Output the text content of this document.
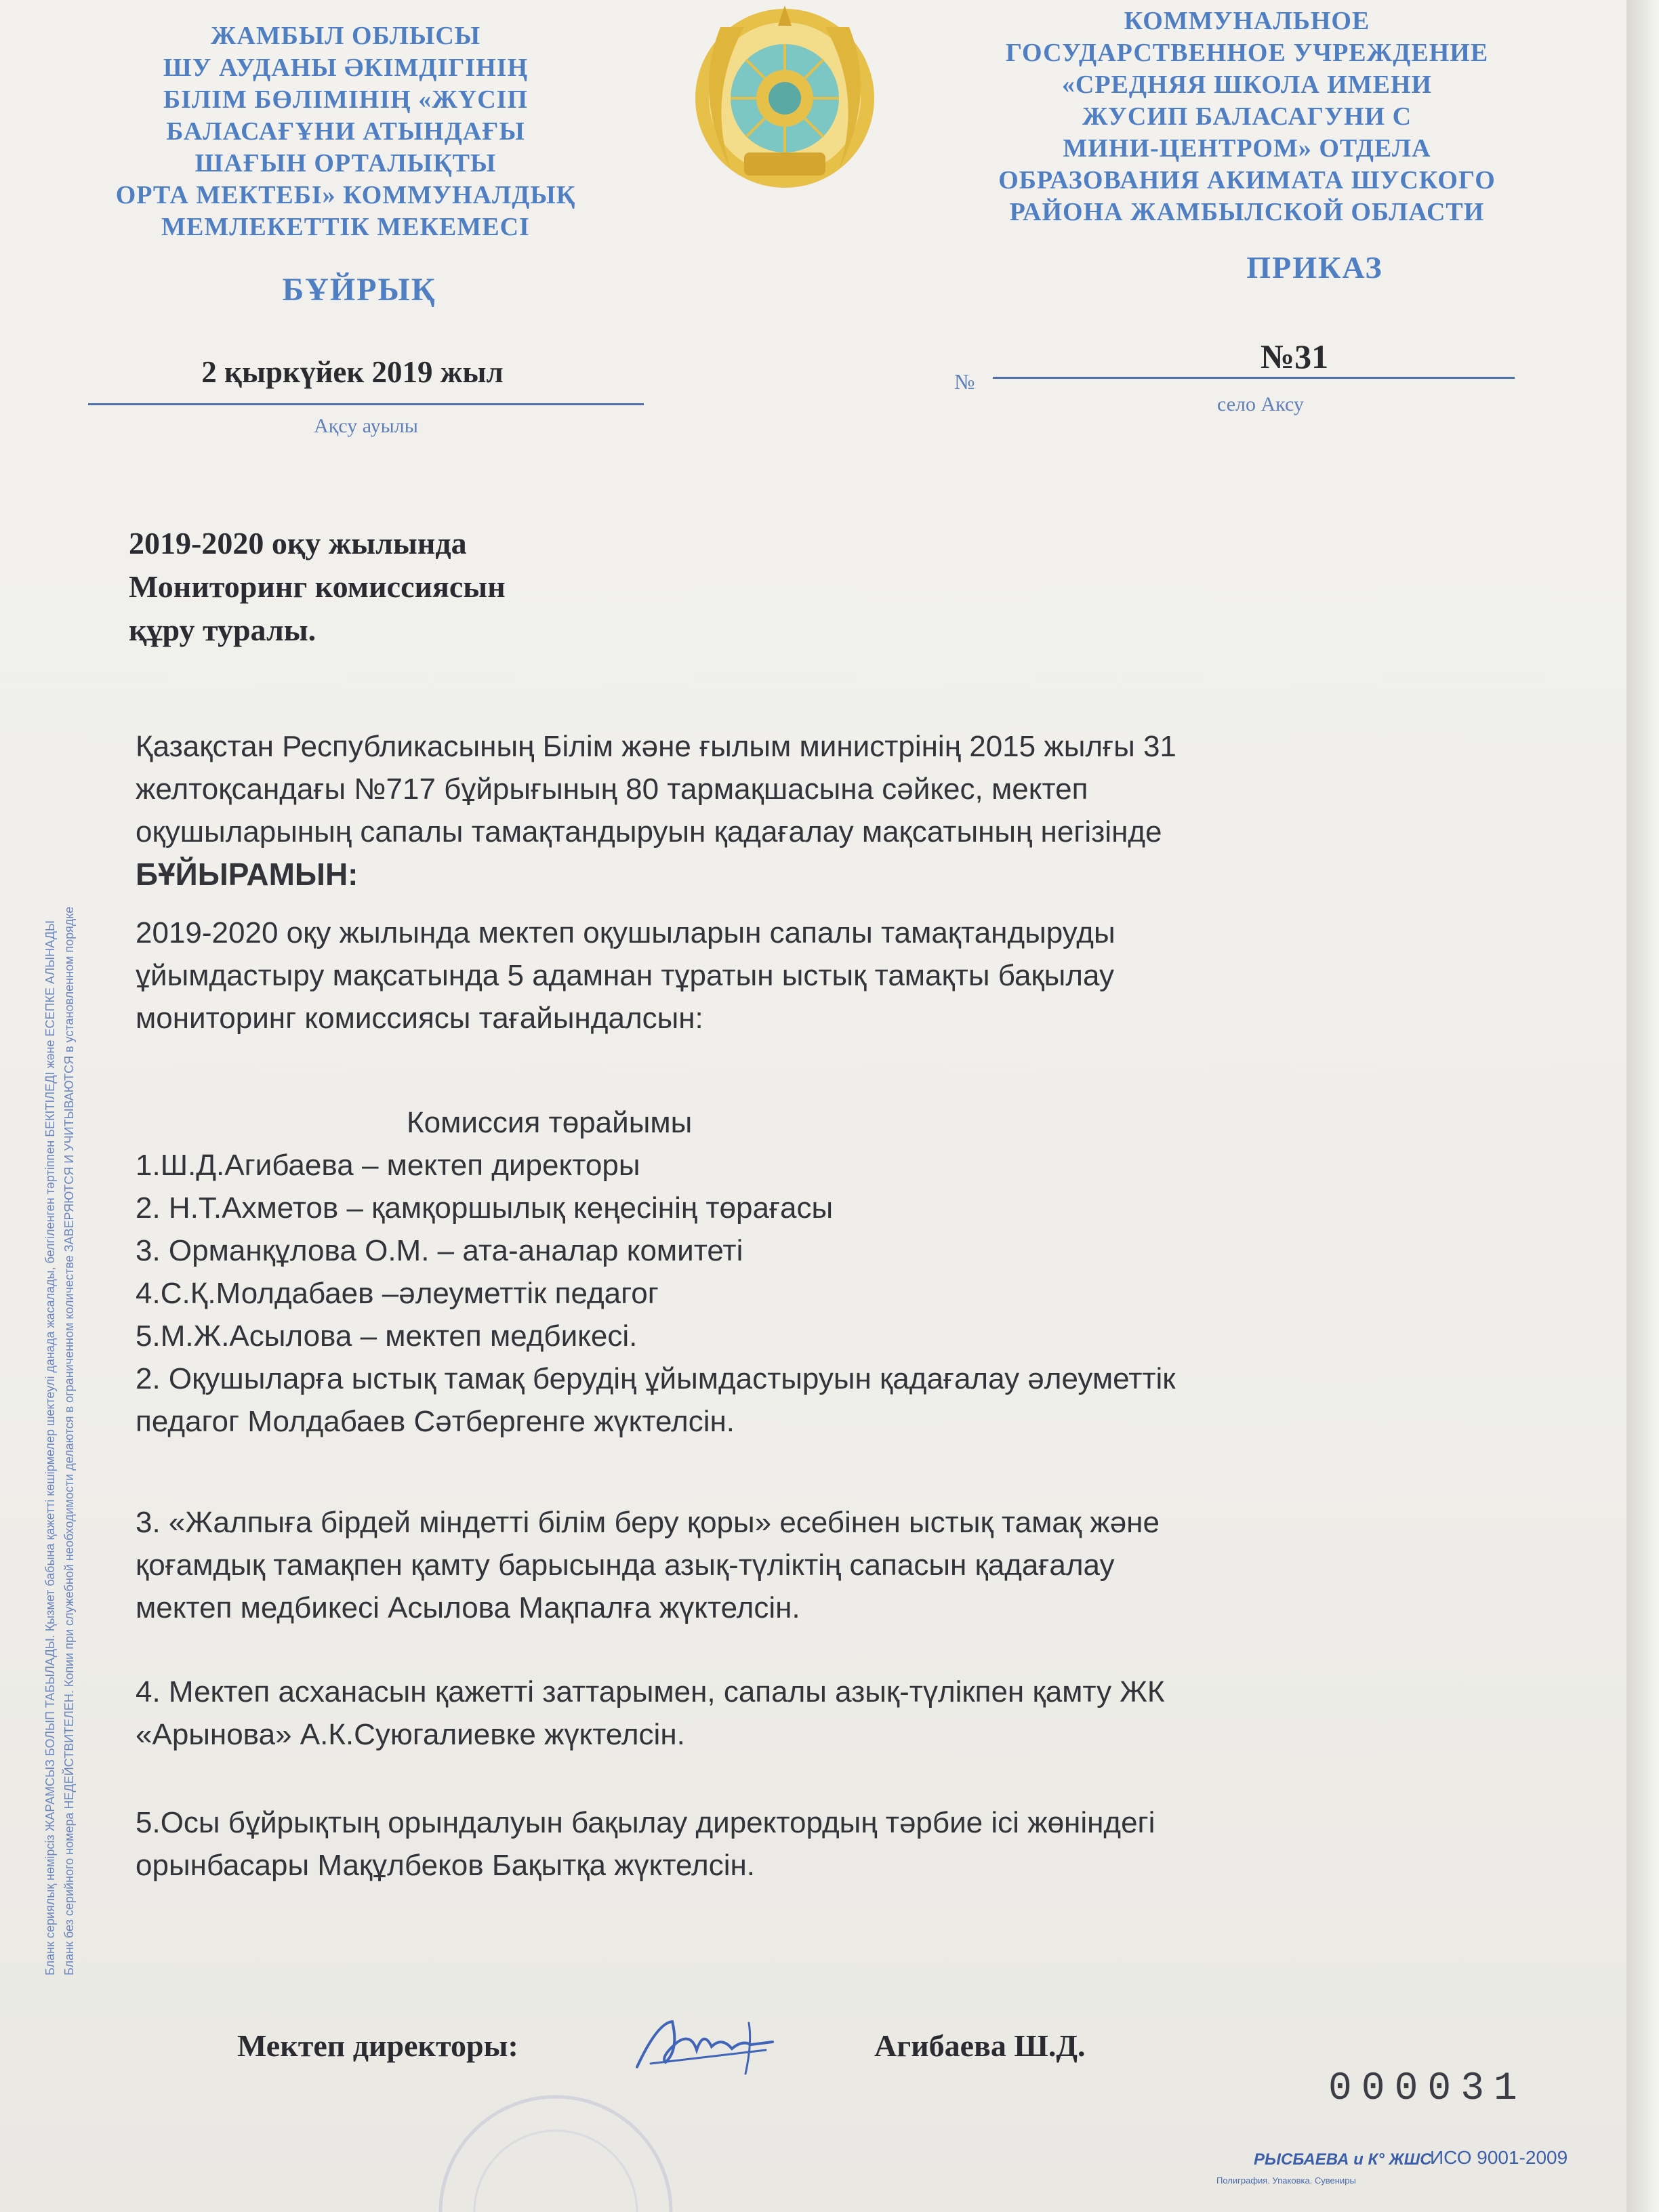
ЖАМБЫЛ ОБЛЫСЫ
ШУ АУДАНЫ ӘКІМДІГІНІҢ
БІЛІМ БӨЛІМІНІҢ «ЖҮСІП
БАЛАСАҒҰНИ АТЫНДАҒЫ
ШАҒЫН ОРТАЛЫҚТЫ
ОРТА МЕКТЕБІ» КОММУНАЛДЫҚ
МЕМЛЕКЕТТІК МЕКЕМЕСІ
БҰЙРЫҚ
КОММУНАЛЬНОЕ
ГОСУДАРСТВЕННОЕ УЧРЕЖДЕНИЕ
«СРЕДНЯЯ ШКОЛА ИМЕНИ
ЖУСИП БАЛАСАГУНИ С
МИНИ-ЦЕНТРОМ» ОТДЕЛА
ОБРАЗОВАНИЯ АКИМАТА ШУСКОГО
РАЙОНА ЖАМБЫЛСКОЙ ОБЛАСТИ
ПРИКАЗ
2 қыркүйек 2019 жыл
Ақсу ауылы
№
№31
село Аксу
2019-2020 оқу жылында
Мониторинг комиссиясын
құру туралы.

Қазақстан Республикасының Білім және ғылым министрінің 2015 жылғы 31

желтоқсандағы №717 бұйрығының 80 тармақшасына сәйкес, мектеп

оқушыларының сапалы тамақтандыруын қадағалау мақсатының негізінде

БҰЙЫРАМЫН:

2019-2020 оқу жылында мектеп оқушыларын сапалы тамақтандыруды

ұйымдастыру мақсатында 5 адамнан тұратын ыстық тамақты бақылау

мониторинг комиссиясы тағайындалсын:

Комиссия төрайымы

1.Ш.Д.Агибаева – мектеп директоры

2. Н.Т.Ахметов – қамқоршылық кеңесінің төрағасы

3. Орманқұлова О.М. – ата-аналар комитеті

4.С.Қ.Молдабаев –әлеуметтік педагог

5.М.Ж.Асылова – мектеп медбикесі.

2. Оқушыларға ыстық тамақ берудің ұйымдастыруын қадағалау әлеуметтік

педагог Молдабаев Сәтбергенге жүктелсін.

3. «Жалпыға бірдей міндетті білім беру қоры» есебінен ыстық тамақ және

қоғамдық тамақпен қамту барысында азық-түліктің сапасын қадағалау

мектеп медбикесі Асылова Мақпалға жүктелсін.

4. Мектеп асханасын қажетті заттарымен, сапалы азық-түлікпен қамту ЖК

«Арынова» А.К.Суюгалиевке жүктелсін.

5.Осы бұйрықтың орындалуын бақылау директордың тәрбие ісі жөніндегі

орынбасары Мақұлбеков Бақытқа жүктелсін.

Бланк сериялық нөмірсіз ЖАРАМСЫЗ БОЛЫП ТАБЫЛАДЫ. Қызмет бабына қажетті көшірмелер шектеулі данада жасалады, белгіленген тәртіппен БЕКІТІЛЕДІ және ЕСЕПКЕ АЛЫНАДЫ Бланк без серийного номера НЕДЕЙСТВИТЕЛЕН. Копии при служебной необходимости делаются в ограниченном количестве ЗАВЕРЯЮТСЯ И УЧИТЫВАЮТСЯ в установленном порядке
Мектеп директоры:	Агибаева Ш.Д.
000031
РЫСБАЕВА и К° ЖШС
ИСО 9001-2009
Полиграфия. Упаковка. Сувениры
